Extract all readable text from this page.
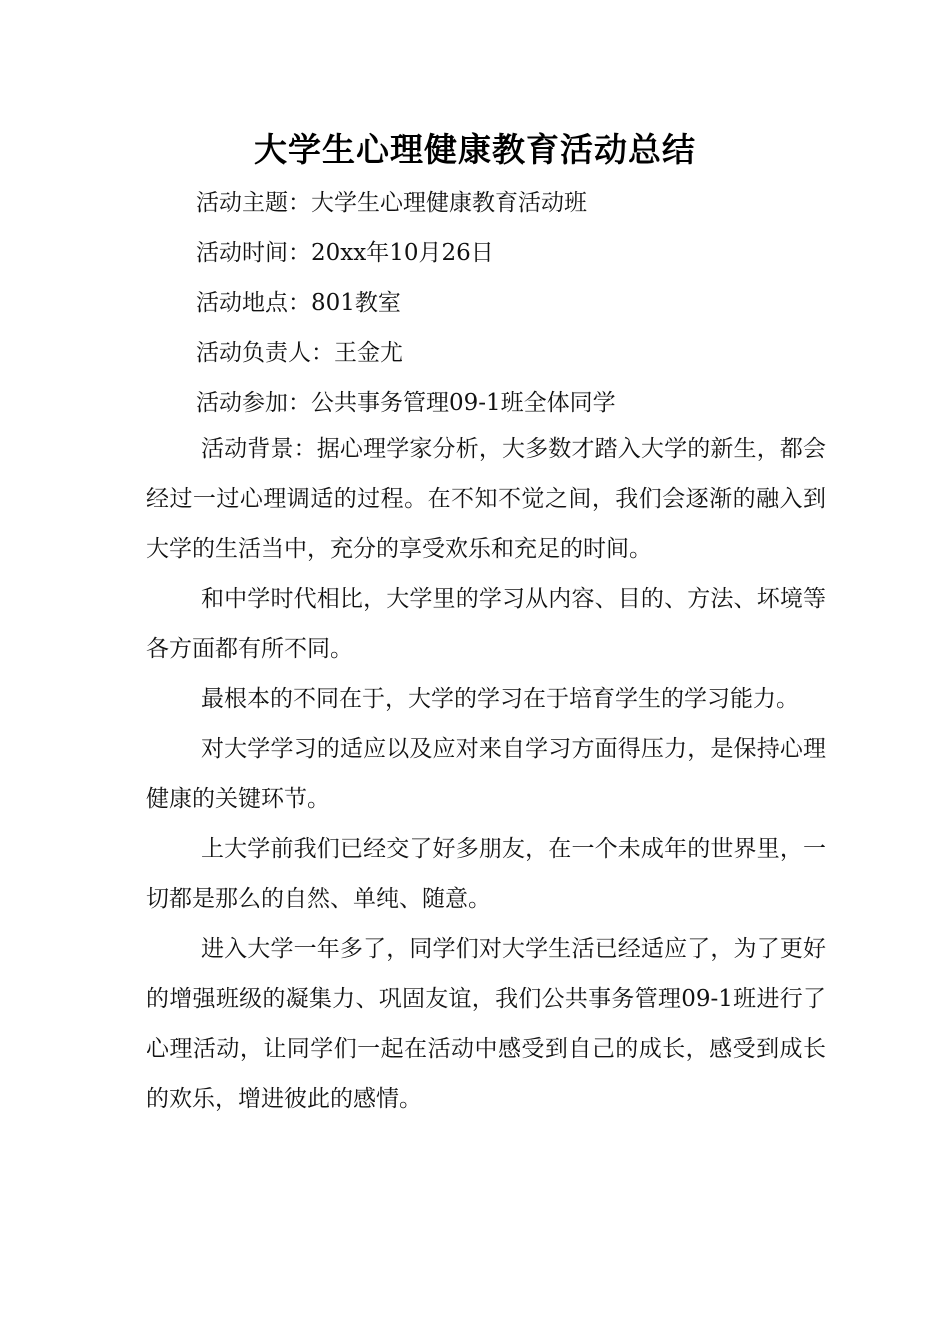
大学生心理健康教育活动总结
活动主题：大学生心理健康教育活动班
活动时间：20xx年10月26日
活动地点：801教室
活动负责人：王金尤
活动参加：公共事务管理09-1班全体同学

活动背景：据心理学家分析，大多数才踏入大学的新生，都会经过一过心理调适的过程。在不知不觉之间，我们会逐渐的融入到大学的生活当中，充分的享受欢乐和充足的时间。

和中学时代相比，大学里的学习从内容、目的、方法、坏境等各方面都有所不同。

最根本的不同在于，大学的学习在于培育学生的学习能力。

对大学学习的适应以及应对来自学习方面得压力，是保持心理健康的关键环节。

上大学前我们已经交了好多朋友，在一个未成年的世界里，一切都是那么的自然、单纯、随意。

进入大学一年多了，同学们对大学生活已经适应了，为了更好的增强班级的凝集力、巩固友谊，我们公共事务管理09-1班进行了心理活动，让同学们一起在活动中感受到自己的成长，感受到成长的欢乐，增进彼此的感情。
